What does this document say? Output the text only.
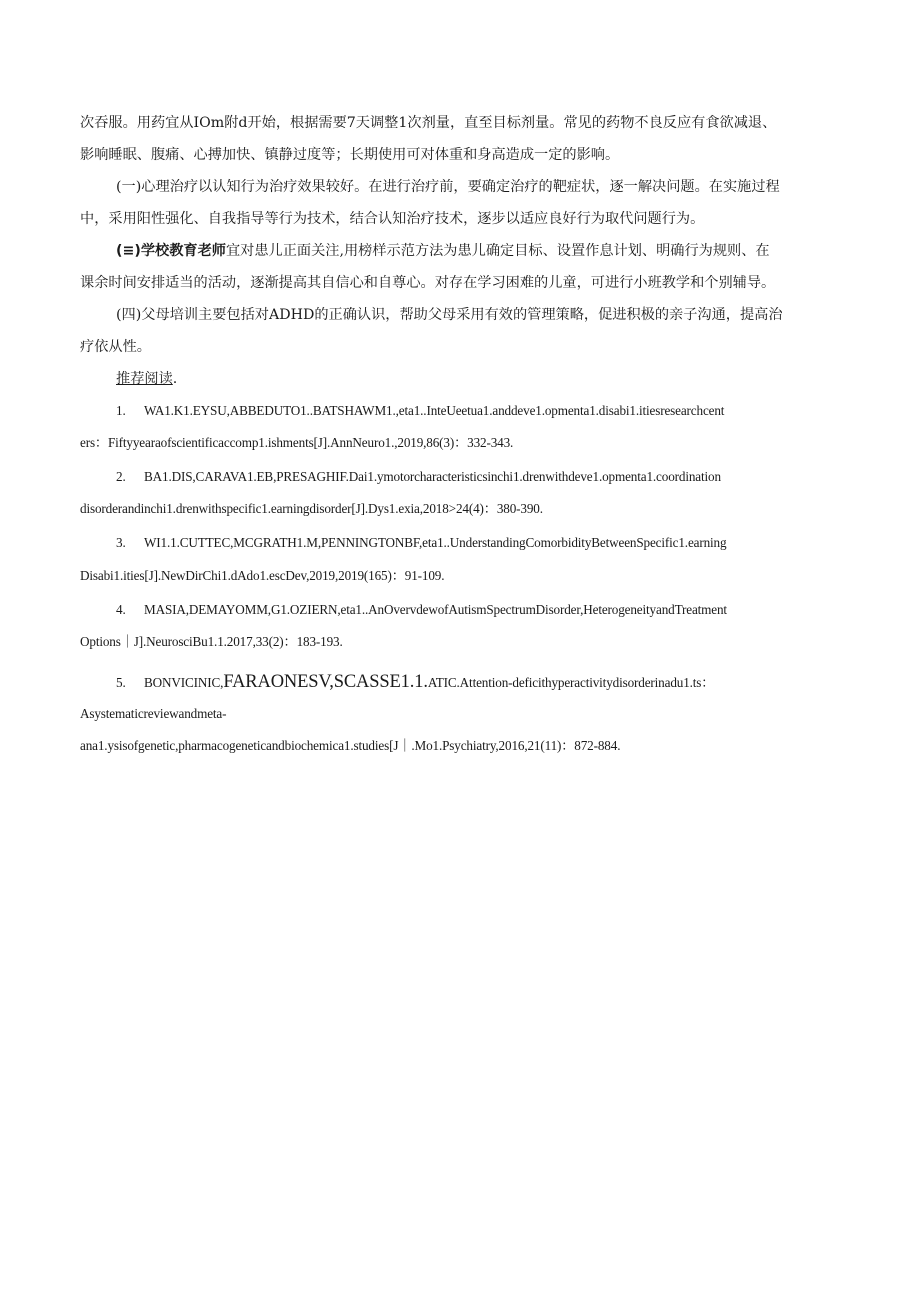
次吞服。用药宜从IOm附d开始，根据需要7天调整1次剂量，直至目标剂量。常见的药物不良反应有食欲减退、
影响睡眠、腹痛、心搏加快、镇静过度等；长期使用可对体重和身高造成一定的影响。
(一)心理治疗以认知行为治疗效果较好。在进行治疗前，要确定治疗的靶症状，逐一解决问题。在实施过程
中，采用阳性强化、自我指导等行为技术，结合认知治疗技术，逐步以适应良好行为取代问题行为。
(≡)学校教育老师宜对患儿正面关注,用榜样示范方法为患儿确定目标、设置作息计划、明确行为规则、在
课余时间安排适当的活动，逐渐提高其自信心和自尊心。对存在学习困难的儿童，可进行小班教学和个别辅导。
(四)父母培训主要包括对ADHD的正确认识，帮助父母采用有效的管理策略，促进积极的亲子沟通，提高治
疗依从性。
推荐阅读.
1. WA1.K1.EYSU,ABBEDUTO1..BATSHAWM1.,eta1..InteUeetua1.anddeve1.opmenta1.disabi1.itiesresearchcent
ers：Fiftyyearaofscientificaccomp1.ishments[J].AnnNeuro1.,2019,86(3)：332-343.
2. BA1.DIS,CARAVA1.EB,PRESAGHIF.Dai1.ymotorcharacteristicsinchi1.drenwithdeve1.opmenta1.coordination
disorderandinchi1.drenwithspecific1.earningdisorder[J].Dys1.exia,2018>24(4)：380-390.
3. WI1.1.CUTTEC,MCGRATH1.M,PENNINGTONBF,eta1..UnderstandingComorbidityBetweenSpecific1.earning
Disabi1.ities[J].NewDirChi1.dAdo1.escDev,2019,2019(165)：91-109.
4. MASIA,DEMAYOMM,G1.OZIERN,eta1..AnOvervdewofAutismSpectrumDisorder,HeterogeneityandTreatment
Options｜J].NeurosciBu1.1.2017,33(2)：183-193.
5. BONVICINIC,FARAONESV,SCASSE1.1.ATIC.Attention-deficithyperactivitydisorderinadu1.ts：
Asystematicreviewandmeta-
ana1.ysisofgenetic,pharmacogeneticandbiochemica1.studies[J｜.Mo1.Psychiatry,2016,21(11)：872-884.
